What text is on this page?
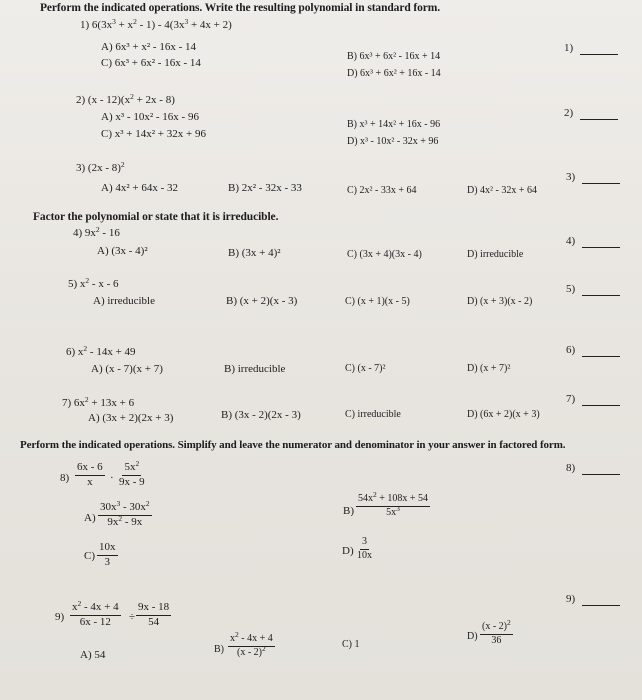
Perform the indicated operations. Write the resulting polynomial in standard form.
1) $6(3x^3 + x^2 - 1) - 4(3x^3 + 4x + 2)$
A) 6x³ + x² - 16x - 14
C) 6x³ + 6x² - 16x - 14
B) 6x³ + 6x² - 16x + 14
D) 6x³ + 6x² + 16x - 14
1)
2) $(x - 12)(x^2 + 2x - 8)$
A) x³ - 10x² - 16x - 96
C) x³ + 14x² + 32x + 96
B) x³ + 14x² + 16x - 96
D) x³ - 10x² - 32x + 96
2)
3) (2x - 8)$^2$
A) 4x² + 64x - 32	B) 2x² - 32x - 33	C) 2x² - 33x + 64	D) 4x² - 32x + 64
3)
Factor the polynomial or state that it is irreducible.
4) $9x^2 - 16$
A) (3x - 4)²	B) (3x + 4)²	C) (3x + 4)(3x - 4)	D) irreducible
4)
5) $x^2$ - x - 6
A) irreducible	B) (x + 2)(x - 3)	C) (x + 1)(x - 5)	D) (x + 3)(x - 2)
5)
6) $x^2 - 14x + 49$
A) (x - 7)(x + 7)	B) irreducible	C) (x - 7)²	D) (x + 7)²
6)
7) $6x^2 + 13x + 6$
A) (3x + 2)(2x + 3)	B) (3x - 2)(2x - 3)	C) irreducible	D) (6x + 2)(x + 3)
7)
Perform the indicated operations. Simplify and leave the numerator and denominator in your answer in factored form.
$8) \frac{6x - 6}{x} \cdot \frac{5x^2}{9x - 9}$	8)
$A) \frac{30x^3 - 30x^2}{9x^2 - 9x}$	$B) \frac{54x^2 + 108x + 54}{5x^3}$
$C) \frac{10x}{3}$	$D) \frac{3}{10x}$
$9) \frac{x^2 - 4x + 4}{6x - 12} \div \frac{9x - 18}{54}$
9)
A) 54	$B) \frac{x^2 - 4x + 4}{(x - 2)^2}$	C) 1
$D) \frac{(x - 2)^2}{36}$
